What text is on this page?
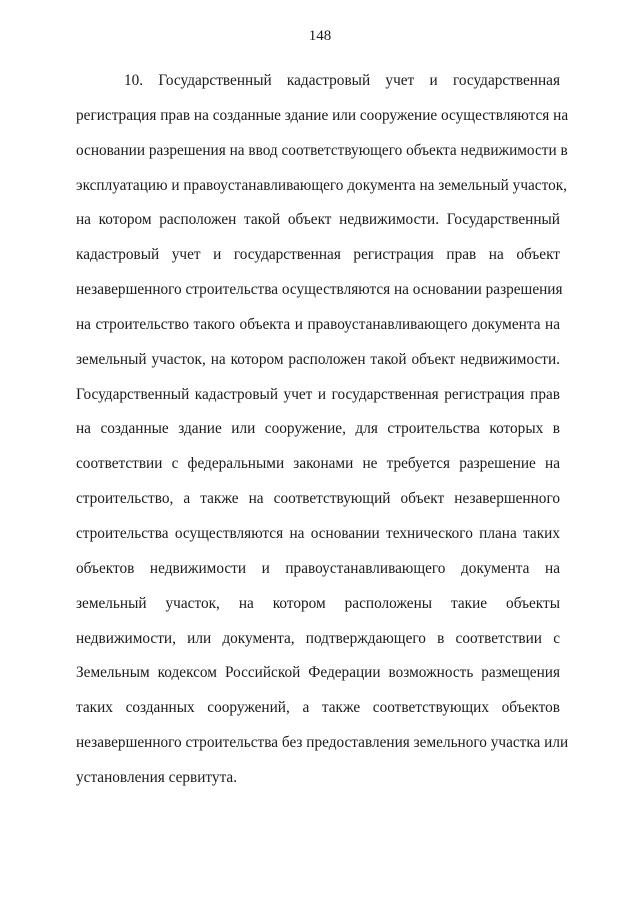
148
10. Государственный кадастровый учет и государственная
регистрация прав на созданные здание или сооружение осуществляются на
основании разрешения на ввод соответствующего объекта недвижимости в
эксплуатацию и правоустанавливающего документа на земельный участок,
на котором расположен такой объект недвижимости. Государственный
кадастровый учет и государственная регистрация прав на объект
незавершенного строительства осуществляются на основании разрешения
на строительство такого объекта и правоустанавливающего документа на
земельный участок, на котором расположен такой объект недвижимости.
Государственный кадастровый учет и государственная регистрация прав
на созданные здание или сооружение, для строительства которых в
соответствии с федеральными законами не требуется разрешение на
строительство, а также на соответствующий объект незавершенного
строительства осуществляются на основании технического плана таких
объектов недвижимости и правоустанавливающего документа на
земельный участок, на котором расположены такие объекты
недвижимости, или документа, подтверждающего в соответствии с
Земельным кодексом Российской Федерации возможность размещения
таких созданных сооружений, а также соответствующих объектов
незавершенного строительства без предоставления земельного участка или
установления сервитута.
